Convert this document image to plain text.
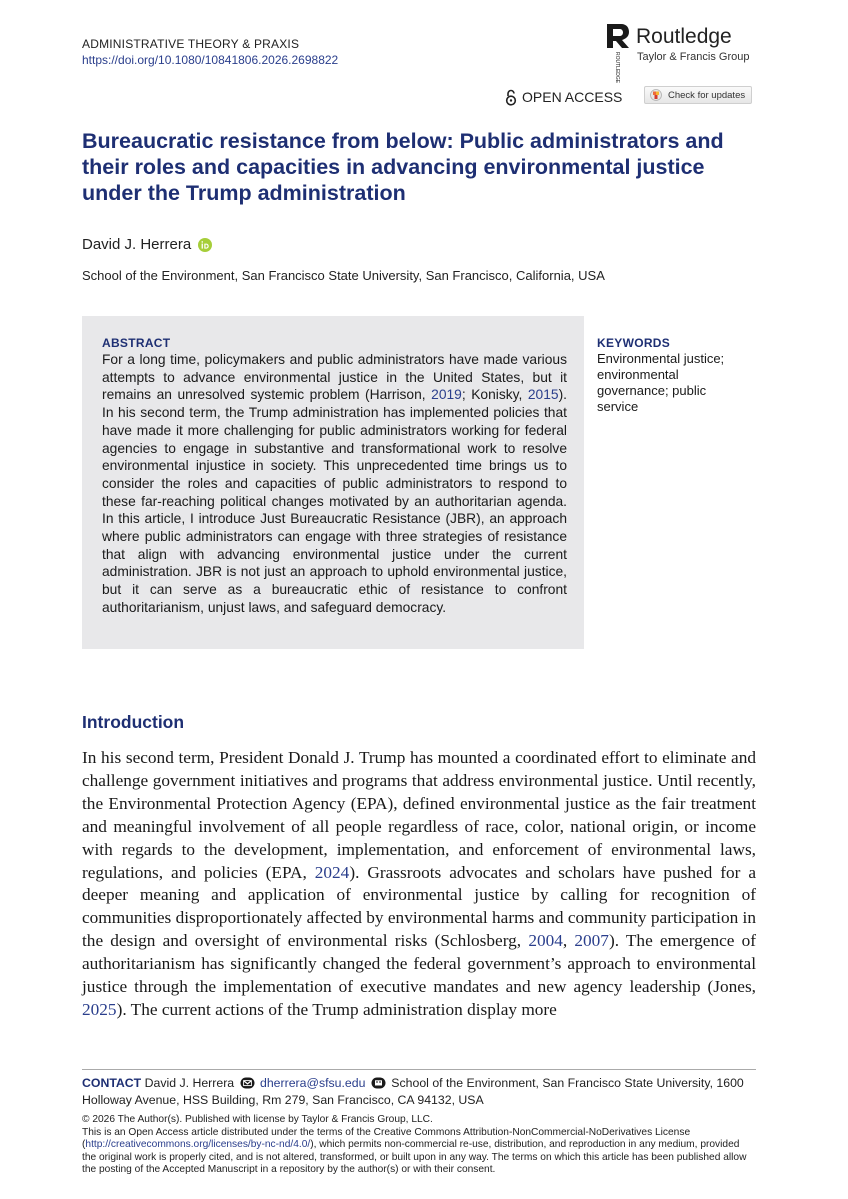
ADMINISTRATIVE THEORY & PRAXIS
https://doi.org/10.1080/10841806.2026.2698822	ROUTLEDGE
Routledge
Taylor & Francis Group
OPEN ACCESS	Check for updates
Bureaucratic resistance from below: Public administrators and their roles and capacities in advancing environmental justice under the Trump administration
David J. Herrera
School of the Environment, San Francisco State University, San Francisco, California, USA
ABSTRACT

For a long time, policymakers and public administrators have made various attempts to advance environmental justice in the United States, but it remains an unresolved systemic problem (Harrison, 2019; Konisky, 2015). In his second term, the Trump administration has implemented policies that have made it more challenging for public administrators working for federal agencies to engage in substantive and transformational work to resolve environmental injustice in society. This unprecedented time brings us to consider the roles and capacities of public administrators to respond to these far-reaching political changes motivated by an authoritarian agenda. In this article, I introduce Just Bureaucratic Resistance (JBR), an approach where public administrators can engage with three strategies of resistance that align with advancing environmental justice under the current administration. JBR is not just an approach to uphold environmental justice, but it can serve as a bureaucratic ethic of resistance to confront authoritarianism, unjust laws, and safeguard democracy.

KEYWORDS

Environmental justice; environmental governance; public service

Introduction

In his second term, President Donald J. Trump has mounted a coordinated effort to eliminate and challenge government initiatives and programs that address environmental justice. Until recently, the Environmental Protection Agency (EPA), defined environmental justice as the fair treatment and meaningful involvement of all people regardless of race, color, national origin, or income with regards to the development, implementation, and enforcement of environmental laws, regulations, and policies (EPA, 2024). Grassroots advocates and scholars have pushed for a deeper meaning and application of environmental justice by calling for recognition of communities disproportionately affected by environmental harms and community participation in the design and oversight of environmental risks (Schlosberg, 2004, 2007). The emergence of authoritarianism has significantly changed the federal government’s approach to environmental justice through the implementation of executive mandates and new agency leadership (Jones, 2025). The current actions of the Trump administration display more

CONTACT David J. Herrera dherrera@sfsu.edu School of the Environment, San Francisco State University, 1600 Holloway Avenue, HSS Building, Rm 279, San Francisco, CA 94132, USA

© 2026 The Author(s). Published with license by Taylor & Francis Group, LLC.

This is an Open Access article distributed under the terms of the Creative Commons Attribution-NonCommercial-NoDerivatives License (http://creativecommons.org/licenses/by-nc-nd/4.0/), which permits non-commercial re-use, distribution, and reproduction in any medium, provided the original work is properly cited, and is not altered, transformed, or built upon in any way. The terms on which this article has been published allow the posting of the Accepted Manuscript in a repository by the author(s) or with their consent.
